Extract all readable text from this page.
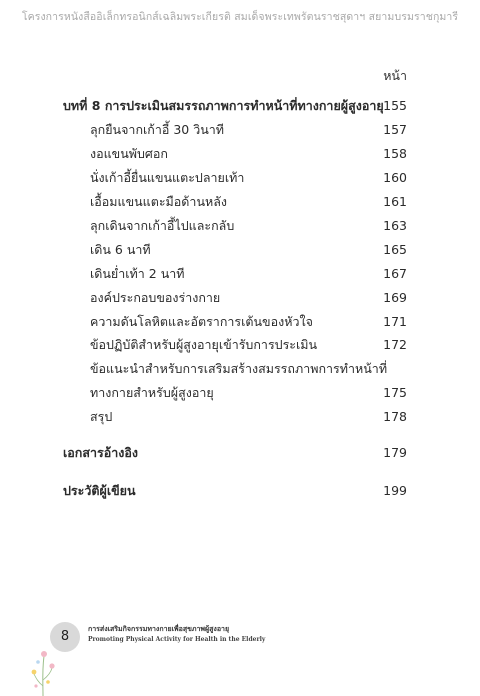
โครงการหนังสืออิเล็กทรอนิกส์เฉลิมพระเกียรติ สมเด็จพระเทพรัตนราชสุดาฯ สยามบรมราชกุมารี
หน้า
บทที่ 8 การประเมินสมรรถภาพการทำหน้าที่ทางกายผู้สูงอายุ 155
ลุกยืนจากเก้าอี้ 30 วินาที	157
งอแขนพับศอก	158
นั่งเก้าอี้ยื่นแขนแตะปลายเท้า	160
เอื้อมแขนแตะมือด้านหลัง	161
ลุกเดินจากเก้าอี้ไปและกลับ	163
เดิน 6 นาที	165
เดินย่ำเท้า 2 นาที	167
องค์ประกอบของร่างกาย	169
ความดันโลหิตและอัตราการเต้นของหัวใจ	171
ข้อปฏิบัติสำหรับผู้สูงอายุเข้ารับการประเมิน	172
ข้อแนะนำสำหรับการเสริมสร้างสมรรถภาพการทำหน้าที่
ทางกายสำหรับผู้สูงอายุ	175
สรุป	178
เอกสารอ้างอิง	179
ประวัติผู้เขียน	199
8	การส่งเสริมกิจกรรมทางกายเพื่อสุขภาพผู้สูงอายุ
Promoting Physical Activity for Health in the Elderly
